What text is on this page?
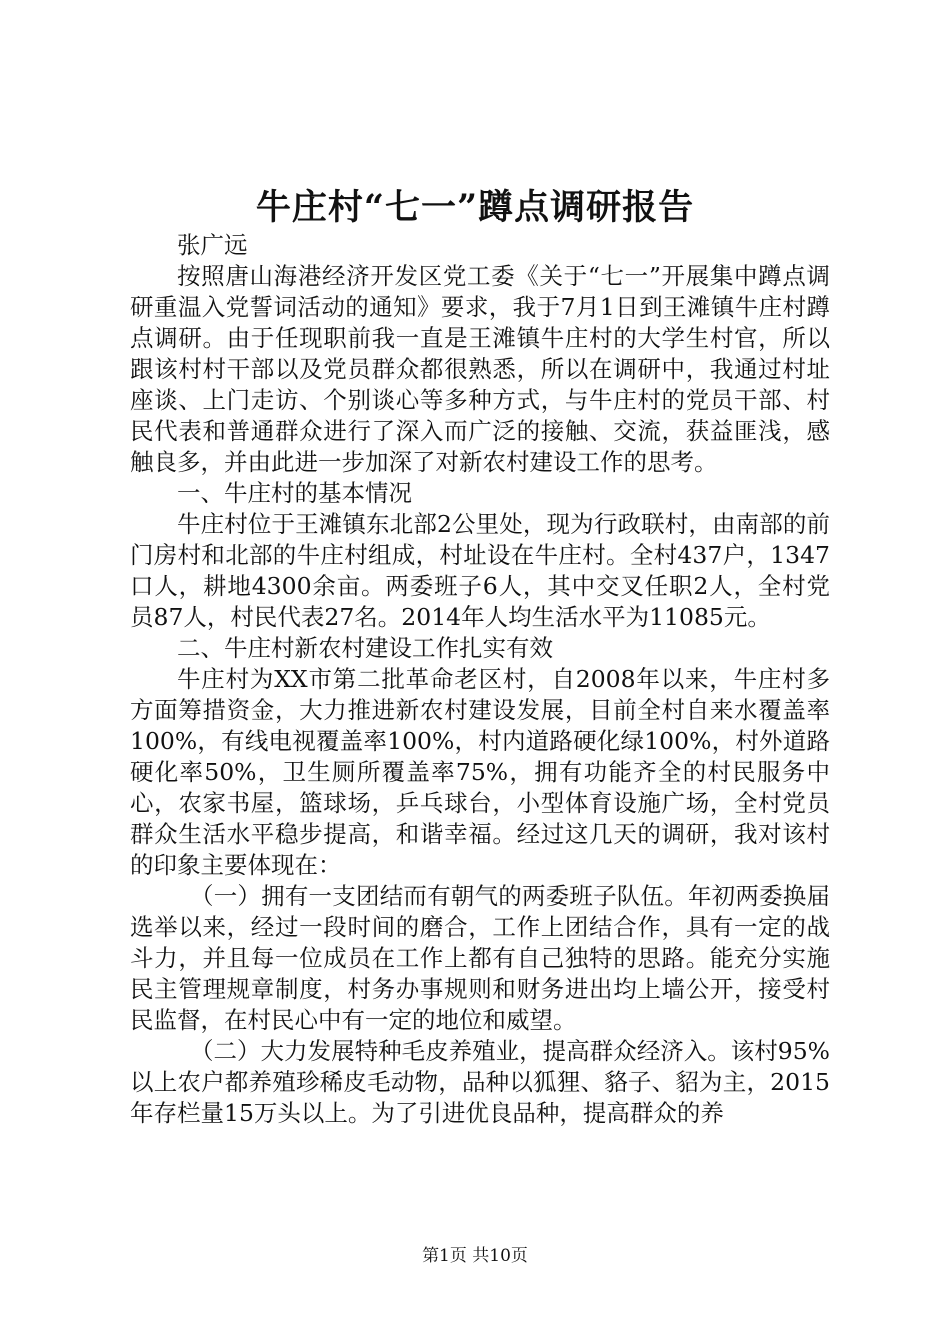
牛庄村“七一”蹲点调研报告

张广远

按照唐山海港经济开发区党工委《关于“七一”开展集中蹲点调研重温入党誓词活动的通知》要求，我于7月1日到王滩镇牛庄村蹲点调研。由于任现职前我一直是王滩镇牛庄村的大学生村官，所以跟该村村干部以及党员群众都很熟悉，所以在调研中，我通过村址座谈、上门走访、个别谈心等多种方式，与牛庄村的党员干部、村民代表和普通群众进行了深入而广泛的接触、交流，获益匪浅，感触良多，并由此进一步加深了对新农村建设工作的思考。

一、牛庄村的基本情况

牛庄村位于王滩镇东北部2公里处，现为行政联村，由南部的前门房村和北部的牛庄村组成，村址设在牛庄村。全村437户，1347口人，耕地4300余亩。两委班子6人，其中交叉任职2人，全村党员87人，村民代表27名。2014年人均生活水平为11085元。

二、牛庄村新农村建设工作扎实有效

牛庄村为XX市第二批革命老区村，自2008年以来，牛庄村多方面筹措资金，大力推进新农村建设发展，目前全村自来水覆盖率100%，有线电视覆盖率100%，村内道路硬化绿100%，村外道路硬化率50%，卫生厕所覆盖率75%，拥有功能齐全的村民服务中心，农家书屋，篮球场，乒乓球台，小型体育设施广场，全村党员群众生活水平稳步提高，和谐幸福。经过这几天的调研，我对该村的印象主要体现在：

（一）拥有一支团结而有朝气的两委班子队伍。年初两委换届选举以来，经过一段时间的磨合，工作上团结合作，具有一定的战斗力，并且每一位成员在工作上都有自己独特的思路。能充分实施民主管理规章制度，村务办事规则和财务进出均上墙公开，接受村民监督，在村民心中有一定的地位和威望。

（二）大力发展特种毛皮养殖业，提高群众经济入。该村95%以上农户都养殖珍稀皮毛动物，品种以狐狸、貉子、貂为主，2015年存栏量15万头以上。为了引进优良品种，提高群众的养

第1页 共10页
